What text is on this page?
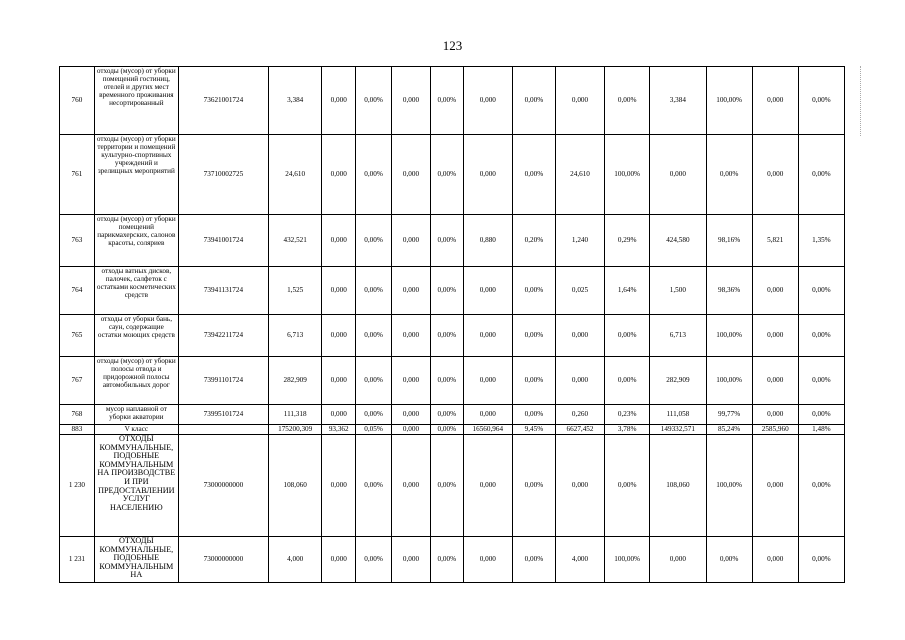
123
760	отходы (мусор) от уборки помещений гостиниц, отелей и других мест временного проживания несортированный	73621001724	3,384	0,000	0,00%	0,000	0,00%	0,000	0,00%	0,000	0,00%	3,384	100,00%	0,000	0,00%
761	отходы (мусор) от уборки территории и помещений культурно-спортивных учреждений и зрелищных мероприятий	73710002725	24,610	0,000	0,00%	0,000	0,00%	0,000	0,00%	24,610	100,00%	0,000	0,00%	0,000	0,00%
763	отходы (мусор) от уборки помещений парикмахерских, салонов красоты, соляриев	73941001724	432,521	0,000	0,00%	0,000	0,00%	0,880	0,20%	1,240	0,29%	424,580	98,16%	5,821	1,35%
764	отходы ватных дисков, палочек, салфеток с остатками косметических средств	73941131724	1,525	0,000	0,00%	0,000	0,00%	0,000	0,00%	0,025	1,64%	1,500	98,36%	0,000	0,00%
765	отходы от уборки бань, саун, содержащие остатки моющих средств	73942211724	6,713	0,000	0,00%	0,000	0,00%	0,000	0,00%	0,000	0,00%	6,713	100,00%	0,000	0,00%
767	отходы (мусор) от уборки полосы отвода и придорожной полосы автомобильных дорог	73991101724	282,909	0,000	0,00%	0,000	0,00%	0,000	0,00%	0,000	0,00%	282,909	100,00%	0,000	0,00%
768	мусор наплавной от уборки акватории	73995101724	111,318	0,000	0,00%	0,000	0,00%	0,000	0,00%	0,260	0,23%	111,058	99,77%	0,000	0,00%
883	V класс		175200,309	93,362	0,05%	0,000	0,00%	16560,964	9,45%	6627,452	3,78%	149332,571	85,24%	2585,960	1,48%
1 230	ОТХОДЫ КОММУНАЛЬНЫЕ, ПОДОБНЫЕ КОММУНАЛЬНЫМ НА ПРОИЗВОДСТВЕ И ПРИ ПРЕДОСТАВЛЕНИИ УСЛУГ НАСЕЛЕНИЮ	73000000000	108,060	0,000	0,00%	0,000	0,00%	0,000	0,00%	0,000	0,00%	108,060	100,00%	0,000	0,00%
1 231	ОТХОДЫ КОММУНАЛЬНЫЕ, ПОДОБНЫЕ КОММУНАЛЬНЫМ НА	73000000000	4,000	0,000	0,00%	0,000	0,00%	0,000	0,00%	4,000	100,00%	0,000	0,00%	0,000	0,00%
